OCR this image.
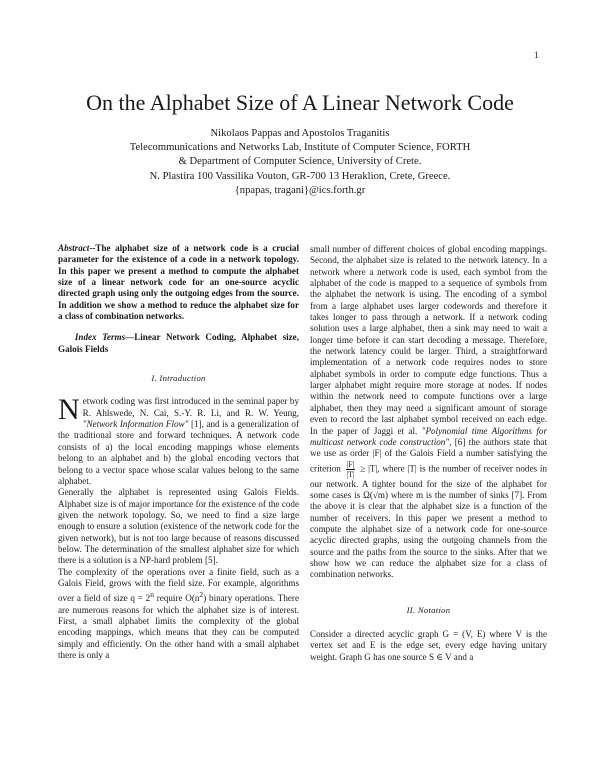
1
On the Alphabet Size of A Linear Network Code
Nikolaos Pappas and Apostolos Traganitis
Telecommunications and Networks Lab, Institute of Computer Science, FORTH
& Department of Computer Science, University of Crete.
N. Plastira 100 Vassilika Vouton, GR-700 13 Heraklion, Crete, Greece.
{npapas, tragani}@ics.forth.gr

Abstract--The alphabet size of a network code is a crucial parameter for the existence of a code in a network topology. In this paper we present a method to compute the alphabet size of a linear network code for an one-source acyclic directed graph using only the outgoing edges from the source. In addition we show a method to reduce the alphabet size for a class of combination networks.

Index Terms—Linear Network Coding, Alphabet size, Galois Fields

I. Introduction

Network coding was first introduced in the seminal paper by R. Ahlswede, N. Cai, S.-Y. R. Li, and R. W. Yeung, "Network Information Flow" [1], and is a generalization of the traditional store and forward techniques. A network code consists of a) the local encoding mappings whose elements belong to an alphabet and b) the global encoding vectors that belong to a vector space whose scalar values belong to the same alphabet.

Generally the alphabet is represented using Galois Fields. Alphabet size is of major importance for the existence of the code given the network topology. So, we need to find a size large enough to ensure a solution (existence of the network code for the given network), but is not too large because of reasons discussed below. The determination of the smallest alphabet size for which there is a solution is a NP-hard problem [5].

The complexity of the operations over a finite field, such as a Galois Field, grows with the field size. For example, algorithms over a field of size $q = 2^n$ require $O(n^2)$ binary operations. There are numerous reasons for which the alphabet size is of interest. First, a small alphabet limits the complexity of the global encoding mappings, which means that they can be computed simply and efficiently. On the other hand with a small alphabet there is only a

small number of different choices of global encoding mappings. Second, the alphabet size is related to the network latency. In a network where a network code is used, each symbol from the alphabet of the code is mapped to a sequence of symbols from the alphabet the network is using. The encoding of a symbol from a large alphabet uses larger codewords and therefore it takes longer to pass through a network. If a network coding solution uses a large alphabet, then a sink may need to wait a longer time before it can start decoding a message. Therefore, the network latency could be larger. Third, a straightforward implementation of a network code requires nodes to store alphabet symbols in order to compute edge functions. Thus a larger alphabet might require more storage at nodes. If nodes within the network need to compute functions over a large alphabet, then they may need a significant amount of storage even to record the last alphabet symbol received on each edge. In the paper of Jaggi et al. "Polynomial time Algorithms for multicast network code construction", [6] the authors state that we use as order |F| of the Galois Field a number satisfying the criterion $\frac{|F|}{|T|} \ge |T|$, where |T| is the number of receiver nodes in our network. A tighter bound for the size of the alphabet for some cases is Ω(√m) where m is the number of sinks [7]. From the above it is clear that the alphabet size is a function of the number of receivers. In this paper we present a method to compute the alphabet size of a network code for one-source acyclic directed graphs, using the outgoing channels from the source and the paths from the source to the sinks. After that we show how we can reduce the alphabet size for a class of combination networks.

II. Notation

Consider a directed acyclic graph G = (V, E) where V is the vertex set and E is the edge set, every edge having unitary weight. Graph G has one source S ∈ V and a
